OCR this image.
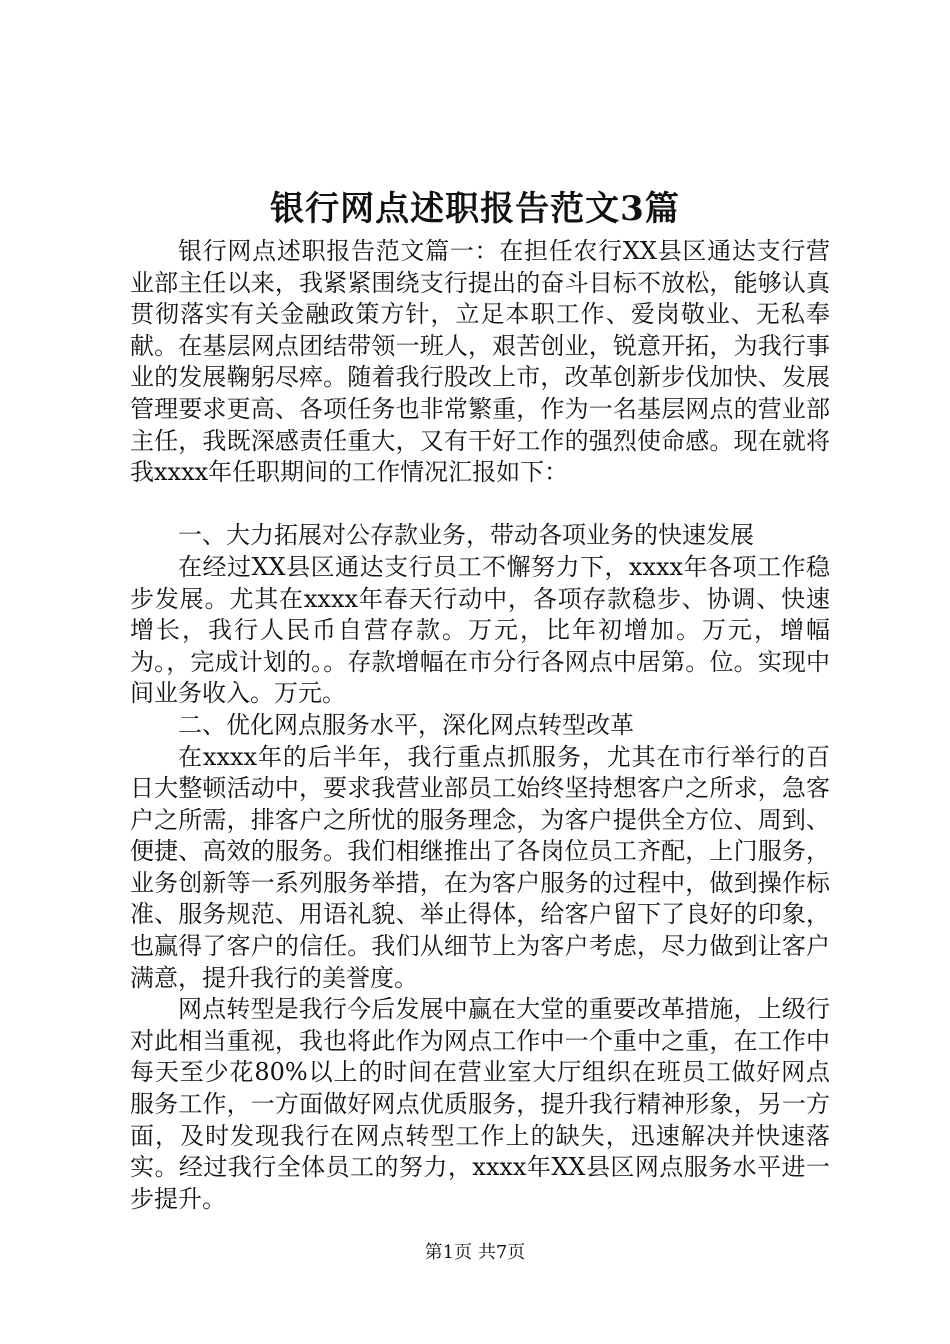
银行网点述职报告范文3篇

银行网点述职报告范文篇一：在担任农行XX县区通达支行营业部主任以来，我紧紧围绕支行提出的奋斗目标不放松，能够认真贯彻落实有关金融政策方针，立足本职工作、爱岗敬业、无私奉献。在基层网点团结带领一班人，艰苦创业，锐意开拓，为我行事业的发展鞠躬尽瘁。随着我行股改上市，改革创新步伐加快、发展管理要求更高、各项任务也非常繁重，作为一名基层网点的营业部主任，我既深感责任重大，又有干好工作的强烈使命感。现在就将我xxxx年任职期间的工作情况汇报如下：

一、大力拓展对公存款业务，带动各项业务的快速发展

在经过XX县区通达支行员工不懈努力下，xxxx年各项工作稳步发展。尤其在xxxx年春天行动中，各项存款稳步、协调、快速增长，我行人民币自营存款。万元，比年初增加。万元，增幅为。，完成计划的。。存款增幅在市分行各网点中居第。位。实现中间业务收入。万元。

二、优化网点服务水平，深化网点转型改革

在xxxx年的后半年，我行重点抓服务，尤其在市行举行的百日大整顿活动中，要求我营业部员工始终坚持想客户之所求，急客户之所需，排客户之所忧的服务理念，为客户提供全方位、周到、便捷、高效的服务。我们相继推出了各岗位员工齐配，上门服务，业务创新等一系列服务举措，在为客户服务的过程中，做到操作标准、服务规范、用语礼貌、举止得体，给客户留下了良好的印象，也赢得了客户的信任。我们从细节上为客户考虑，尽力做到让客户满意，提升我行的美誉度。

网点转型是我行今后发展中赢在大堂的重要改革措施，上级行对此相当重视，我也将此作为网点工作中一个重中之重，在工作中每天至少花80%以上的时间在营业室大厅组织在班员工做好网点服务工作，一方面做好网点优质服务，提升我行精神形象，另一方面，及时发现我行在网点转型工作上的缺失，迅速解决并快速落实。经过我行全体员工的努力，xxxx年XX县区网点服务水平进一步提升。

第1页 共7页
